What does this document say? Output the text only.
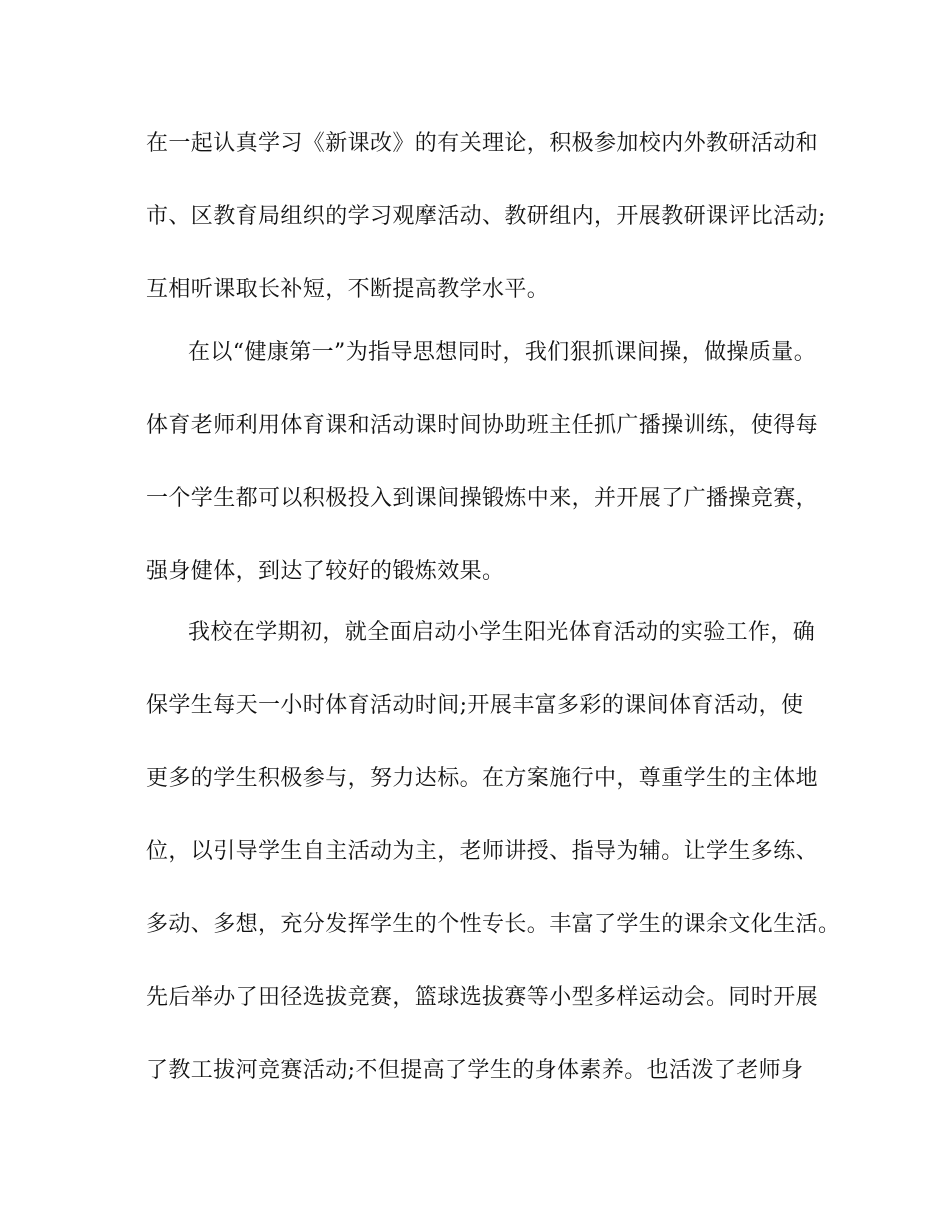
在一起认真学习《新课改》的有关理论，积极参加校内外教研活动和
市、区教育局组织的学习观摩活动、教研组内，开展教研课评比活动;
互相听课取长补短，不断提高教学水平。
在以“健康第一”为指导思想同时，我们狠抓课间操，做操质量。
体育老师利用体育课和活动课时间协助班主任抓广播操训练，使得每
一个学生都可以积极投入到课间操锻炼中来，并开展了广播操竞赛，
强身健体，到达了较好的锻炼效果。
我校在学期初，就全面启动小学生阳光体育活动的实验工作，确
保学生每天一小时体育活动时间;开展丰富多彩的课间体育活动，使
更多的学生积极参与，努力达标。在方案施行中，尊重学生的主体地
位，以引导学生自主活动为主，老师讲授、指导为辅。让学生多练、
多动、多想，充分发挥学生的个性专长。丰富了学生的课余文化生活。
先后举办了田径选拔竞赛，篮球选拔赛等小型多样运动会。同时开展
了教工拔河竞赛活动;不但提高了学生的身体素养。也活泼了老师身
